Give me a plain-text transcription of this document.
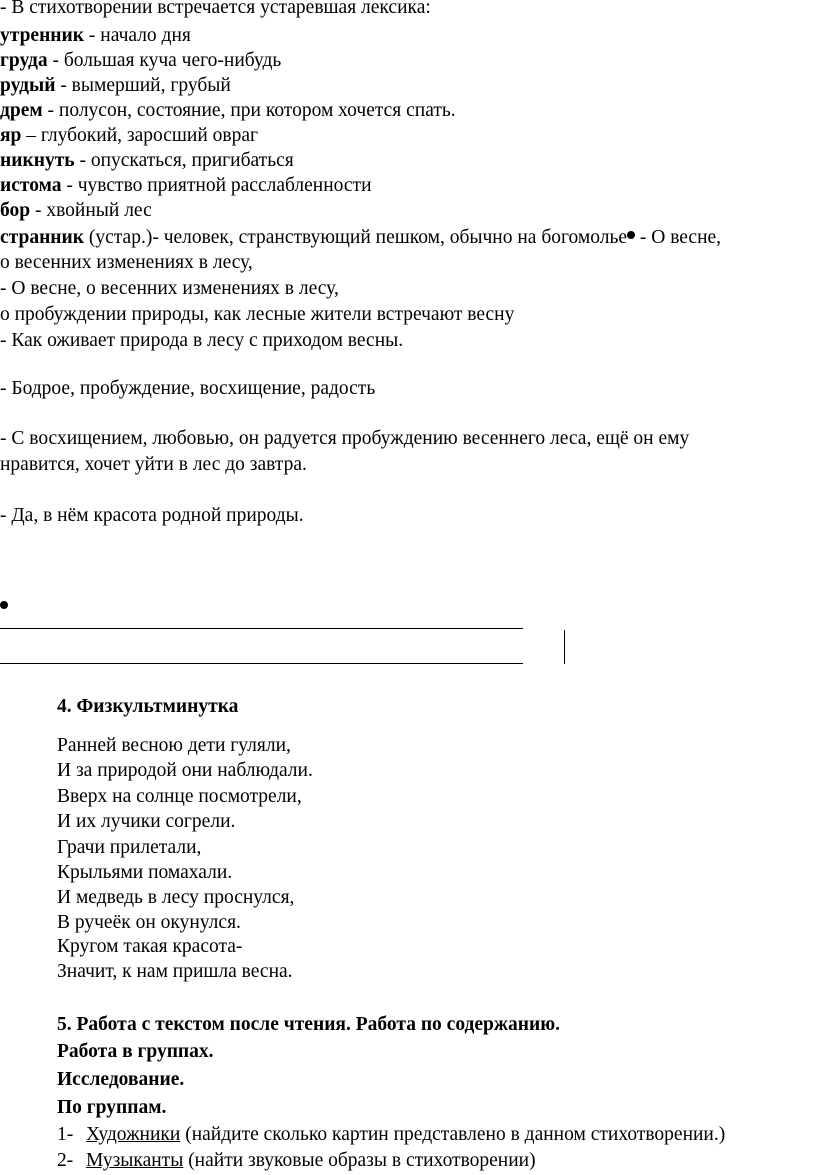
- В стихотворении встречается устаревшая лексика:
утренник - начало дня
груда - большая куча чего-нибудь
рудый - вымерший, грубый
дрем - полусон, состояние, при котором хочется спать.
яр – глубокий, заросший овраг
никнуть - опускаться, пригибаться
истома - чувство приятной расслабленности
бор - хвойный лес
странник (устар.)- человек, странствующий пешком, обычно на богомолье - О весне,
о весенних изменениях в лесу,
- О весне, о весенних изменениях в лесу,
о пробуждении природы, как лесные жители встречают весну
- Как оживает природа в лесу с приходом весны.
- Бодрое, пробуждение, восхищение, радость
- С восхищением, любовью, он радуется пробуждению весеннего леса, ещё он ему
нравится, хочет уйти в лес до завтра.
- Да, в нём красота родной природы.
4. Физкультминутка
Ранней весною дети гуляли,
И за природой они наблюдали.
Вверх на солнце посмотрели,
И их лучики согрели.
Грачи прилетали,
Крыльями помахали.
И медведь в лесу проснулся,
В ручеёк он окунулся.
Кругом такая красота-
Значит, к нам пришла весна.
5. Работа с текстом после чтения. Работа по содержанию.
Работа в группах.
Исследование.
По группам.
1- Художники (найдите сколько картин представлено в данном стихотворении.)
2- Музыканты (найти звуковые образы в стихотворении)
